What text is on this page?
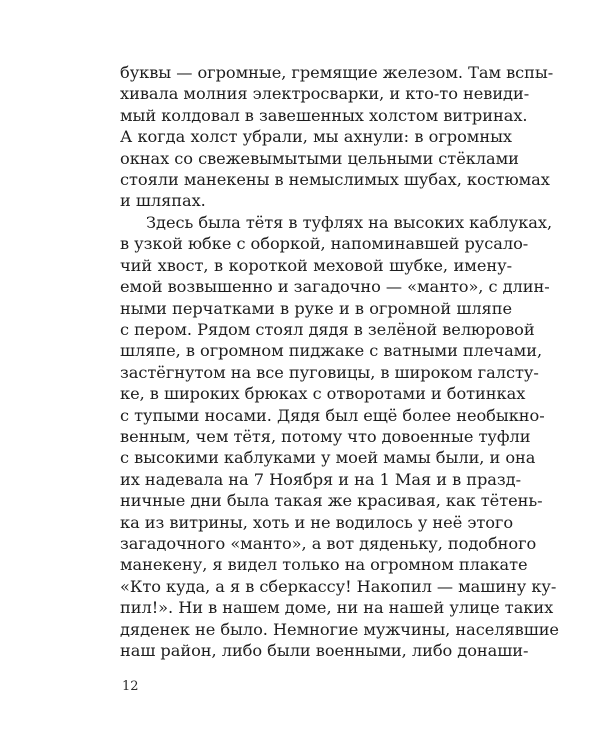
буквы — огромные, гремящие железом. Там вспы-
хивала молния электросварки, и кто-то невиди-
мый колдовал в завешенных холстом витринах.
А когда холст убрали, мы ахнули: в огромных
окнах со свежевымытыми цельными стёклами
стояли манекены в немыслимых шубах, костюмах
и шляпах.
Здесь была тётя в туфлях на высоких каблуках,
в узкой юбке с оборкой, напоминавшей русало-
чий хвост, в короткой меховой шубке, имену-
емой возвышенно и загадочно — «манто», с длин-
ными перчатками в руке и в огромной шляпе
с пером. Рядом стоял дядя в зелёной велюровой
шляпе, в огромном пиджаке с ватными плечами,
застёгнутом на все пуговицы, в широком галсту-
ке, в широких брюках с отворотами и ботинках
с тупыми носами. Дядя был ещё более необыкно-
венным, чем тётя, потому что довоенные туфли
с высокими каблуками у моей мамы были, и она
их надевала на 7 Ноября и на 1 Мая и в празд-
ничные дни была такая же красивая, как тётень-
ка из витрины, хоть и не водилось у неё этого
загадочного «манто», а вот дяденьку, подобного
манекену, я видел только на огромном плакате
«Кто куда, а я в сберкассу! Накопил — машину ку-
пил!». Ни в нашем доме, ни на нашей улице таких
дяденек не было. Немногие мужчины, населявшие
наш район, либо были военными, либо донаши-
12
